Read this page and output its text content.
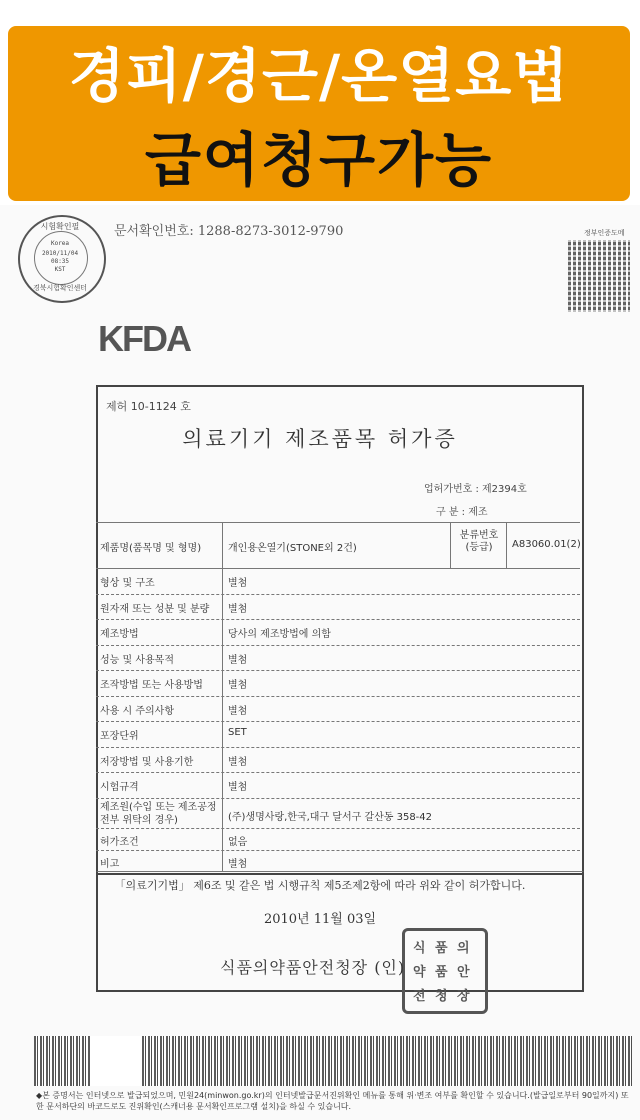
경피/경근/온열요법
급여청구가능
시험확인필
Korea
2010/11/04
08:35
KST
경북시험확인센터
문서확인번호: 1288-8273-3012-9790	정부인증도메
KFDA
제허 10-1124 호
의료기기 제조품목 허가증
업허가번호 : 제2394호
구 분 : 제조
제품명(품목명 및 형명)	개인용온열기(STONE외 2건)
분류번호 (등급)	A83060.01(2)
형상 및 구조	별첨
원자재 또는 성분 및 분량 별첨
제조방법	당사의 제조방법에 의함
성능 및 사용목적	별첨
조작방법 또는 사용방법	별첨
사용 시 주의사항	별첨
포장단위	SET
저장방법 및 사용기한	별첨
시험규격	별첨
제조원(수입 또는 제조공정 전부 위탁의 경우)	(주)생명사랑,한국,대구 달서구 갈산동 358-42
허가조건	없음
비고	별첨
「의료기기법」 제6조 및 같은 법 시행규칙 제5조제2항에 따라 위와 같이 허가합니다.
2010년 11월 03일
식 품 의
약 품 안
전 청 장
식품의약품안전청장 (인)
◆본 증명서는 인터넷으로 발급되었으며, 민원24(minwon.go.kr)의 인터넷발급문서진위확인 메뉴를 통해 위·변조 여부를 확인할 수 있습니다.(발급일로부터 90일까지) 또한 문서하단의 바코드로도 진위확인(스캐너용 문서확인프로그램 설치)을 하실 수 있습니다.
